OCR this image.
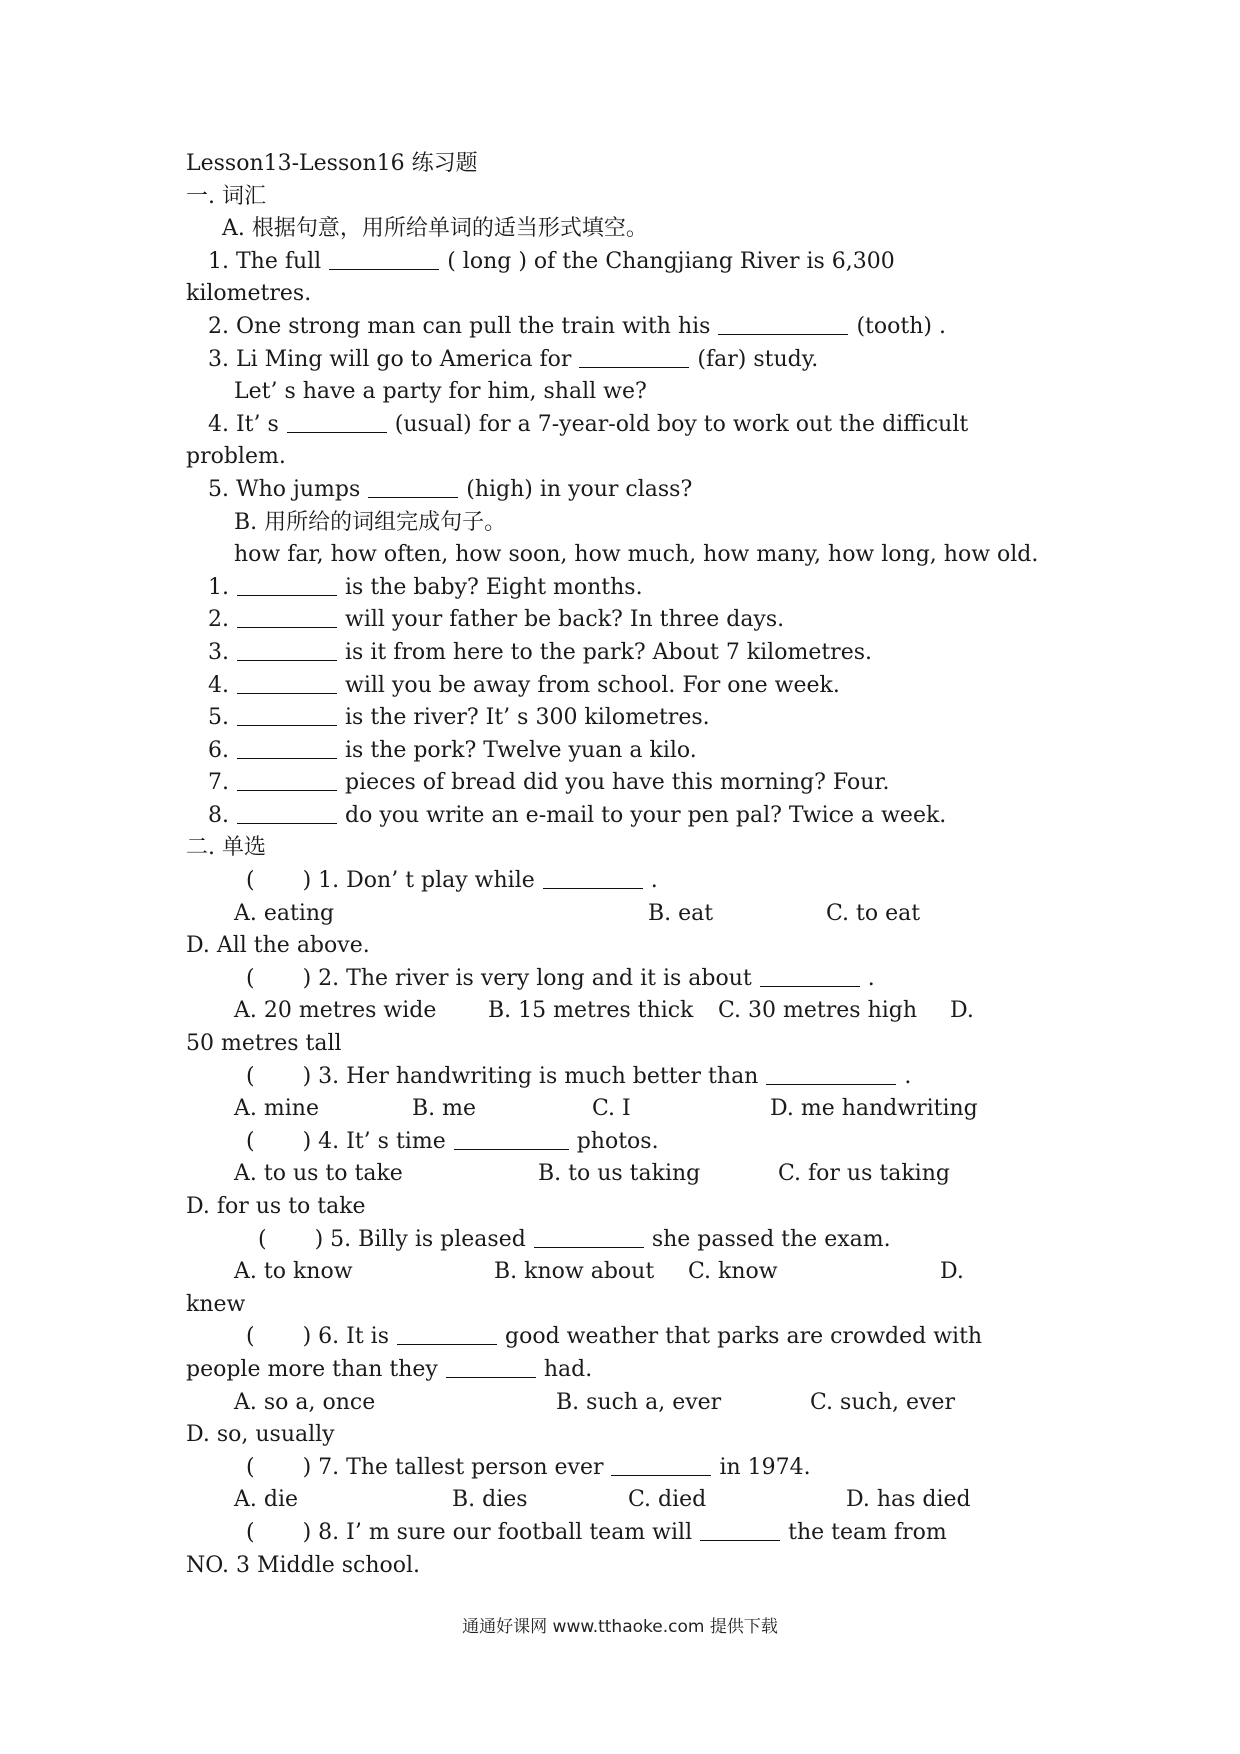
Lesson13-Lesson16 练习题
一. 词汇
A. 根据句意，用所给单词的适当形式填空。
1. The full	( long ) of the Changjiang River is 6,300
kilometres.
2. One strong man can pull the train with his	(tooth) .
3. Li Ming will go to America for	(far) study.
Let’ s have a party for him, shall we?
4. It’ s	(usual) for a 7-year-old boy to work out the difficult
problem.
5. Who jumps	(high) in your class?
B. 用所给的词组完成句子。
how far, how often, how soon, how much, how many, how long, how old.
1.	is the baby? Eight months.
2.	will your father be back? In three days.
3.	is it from here to the park? About 7 kilometres.
4.	will you be away from school. For one week.
5.	is the river? It’ s 300 kilometres.
6.	is the pork? Twelve yuan a kilo.
7.	pieces of bread did you have this morning? Four.
8.	do you write an e-mail to your pen pal? Twice a week.
二. 单选
( ) 1. Don’ t play while	.
A. eating	B. eat	C. to eat
D. All the above.
( ) 2. The river is very long and it is about	.
A. 20 metres wide B. 15 metres thick C. 30 metres high D.
50 metres tall
( ) 3. Her handwriting is much better than	.
A. mine	B. me	C. I	D. me handwriting
( ) 4. It’ s time	photos.
A. to us to take	B. to us taking	C. for us taking
D. for us to take
( ) 5. Billy is pleased	she passed the exam.
A. to know	B. know about C. know	D.
knew
( ) 6. It is	good weather that parks are crowded with
people more than they	had.
A. so a, once	B. such a, ever	C. such, ever
D. so, usually
( ) 7. The tallest person ever	in 1974.
A. die	B. dies	C. died	D. has died
( ) 8. I’ m sure our football team will	the team from
NO. 3 Middle school.
通通好课网 www.tthaoke.com 提供下载
